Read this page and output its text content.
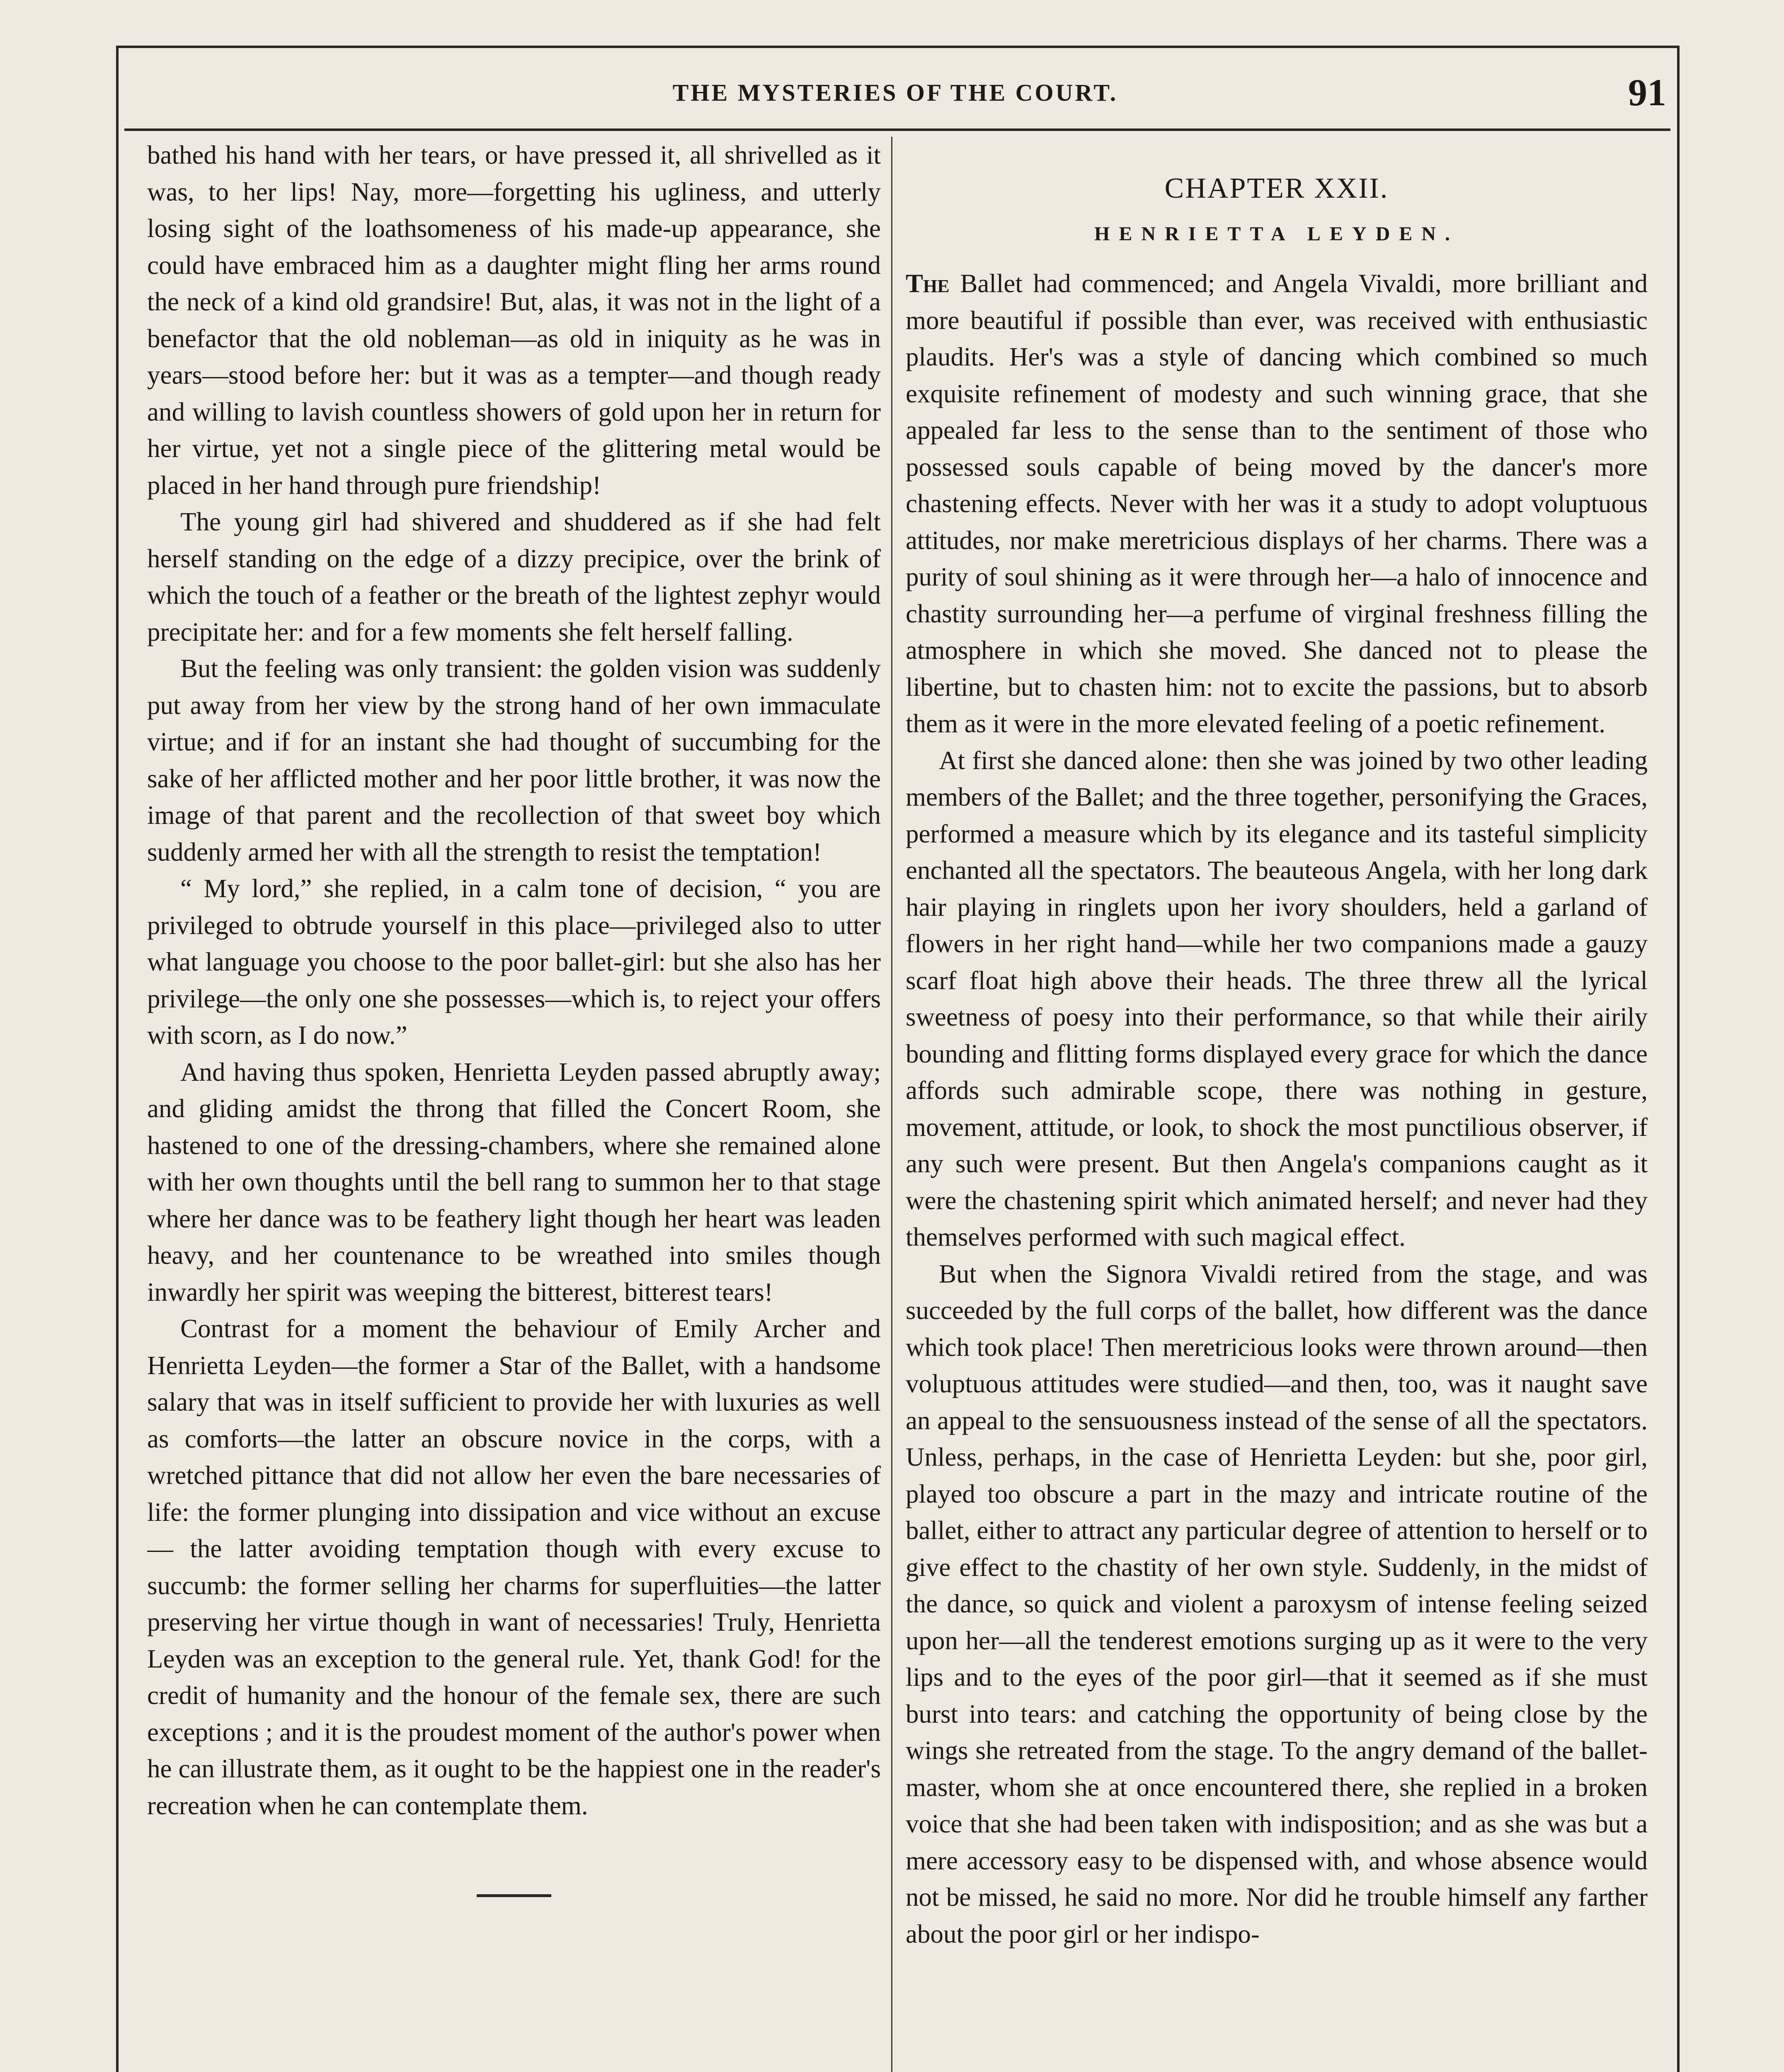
THE MYSTERIES OF THE COURT.	91

bathed his hand with her tears, or have pressed it, all shrivelled as it was, to her lips! Nay, more—forgetting his ugliness, and utterly losing sight of the loathsomeness of his made-up appearance, she could have embraced him as a daughter might fling her arms round the neck of a kind old grandsire! But, alas, it was not in the light of a benefactor that the old nobleman—as old in iniquity as he was in years—stood before her: but it was as a tempter—and though ready and willing to lavish countless showers of gold upon her in return for her virtue, yet not a single piece of the glittering metal would be placed in her hand through pure friendship!

The young girl had shivered and shuddered as if she had felt herself standing on the edge of a dizzy precipice, over the brink of which the touch of a feather or the breath of the lightest zephyr would precipitate her: and for a few moments she felt herself falling.

But the feeling was only transient: the golden vision was suddenly put away from her view by the strong hand of her own immaculate virtue; and if for an instant she had thought of succumbing for the sake of her afflicted mother and her poor little brother, it was now the image of that parent and the recollection of that sweet boy which suddenly armed her with all the strength to resist the temptation!

“ My lord,” she replied, in a calm tone of decision, “ you are privileged to obtrude yourself in this place—privileged also to utter what language you choose to the poor ballet-girl: but she also has her privilege—the only one she possesses—which is, to reject your offers with scorn, as I do now.”

And having thus spoken, Henrietta Leyden passed abruptly away; and gliding amidst the throng that filled the Concert Room, she hastened to one of the dressing-chambers, where she remained alone with her own thoughts until the bell rang to summon her to that stage where her dance was to be feathery light though her heart was leaden heavy, and her countenance to be wreathed into smiles though inwardly her spirit was weeping the bitterest, bitterest tears!

Contrast for a moment the behaviour of Emily Archer and Henrietta Leyden—the former a Star of the Ballet, with a handsome salary that was in itself sufficient to provide her with luxuries as well as comforts—the latter an obscure novice in the corps, with a wretched pittance that did not allow her even the bare necessaries of life: the former plunging into dissipation and vice without an excuse — the latter avoiding temptation though with every excuse to succumb: the former selling her charms for superfluities—the latter preserving her virtue though in want of necessaries! Truly, Henrietta Leyden was an exception to the general rule. Yet, thank God! for the credit of humanity and the honour of the female sex, there are such exceptions ; and it is the proudest moment of the author's power when he can illustrate them, as it ought to be the happiest one in the reader's recreation when he can contemplate them.

CHAPTER XXII.
HENRIETTA LEYDEN.

The Ballet had commenced; and Angela Vivaldi, more brilliant and more beautiful if possible than ever, was received with enthusiastic plaudits. Her's was a style of dancing which combined so much exquisite refinement of modesty and such winning grace, that she appealed far less to the sense than to the sentiment of those who possessed souls capable of being moved by the dancer's more chastening effects. Never with her was it a study to adopt voluptuous attitudes, nor make meretricious displays of her charms. There was a purity of soul shining as it were through her—a halo of innocence and chastity surrounding her—a perfume of virginal freshness filling the atmosphere in which she moved. She danced not to please the libertine, but to chasten him: not to excite the passions, but to absorb them as it were in the more elevated feeling of a poetic refinement.

At first she danced alone: then she was joined by two other leading members of the Ballet; and the three together, personifying the Graces, performed a measure which by its elegance and its tasteful simplicity enchanted all the spectators. The beauteous Angela, with her long dark hair playing in ringlets upon her ivory shoulders, held a garland of flowers in her right hand—while her two companions made a gauzy scarf float high above their heads. The three threw all the lyrical sweetness of poesy into their performance, so that while their airily bounding and flitting forms displayed every grace for which the dance affords such admirable scope, there was nothing in gesture, movement, attitude, or look, to shock the most punctilious observer, if any such were present. But then Angela's companions caught as it were the chastening spirit which animated herself; and never had they themselves performed with such magical effect.

But when the Signora Vivaldi retired from the stage, and was succeeded by the full corps of the ballet, how different was the dance which took place! Then meretricious looks were thrown around—then voluptuous attitudes were studied—and then, too, was it naught save an appeal to the sensuousness instead of the sense of all the spectators. Unless, perhaps, in the case of Henrietta Leyden: but she, poor girl, played too obscure a part in the mazy and intricate routine of the ballet, either to attract any particular degree of attention to herself or to give effect to the chastity of her own style. Suddenly, in the midst of the dance, so quick and violent a paroxysm of intense feeling seized upon her—all the tenderest emotions surging up as it were to the very lips and to the eyes of the poor girl—that it seemed as if she must burst into tears: and catching the opportunity of being close by the wings she retreated from the stage. To the angry demand of the ballet-master, whom she at once encountered there, she replied in a broken voice that she had been taken with indisposition; and as she was but a mere accessory easy to be dispensed with, and whose absence would not be missed, he said no more. Nor did he trouble himself any farther about the poor girl or her indispo-
